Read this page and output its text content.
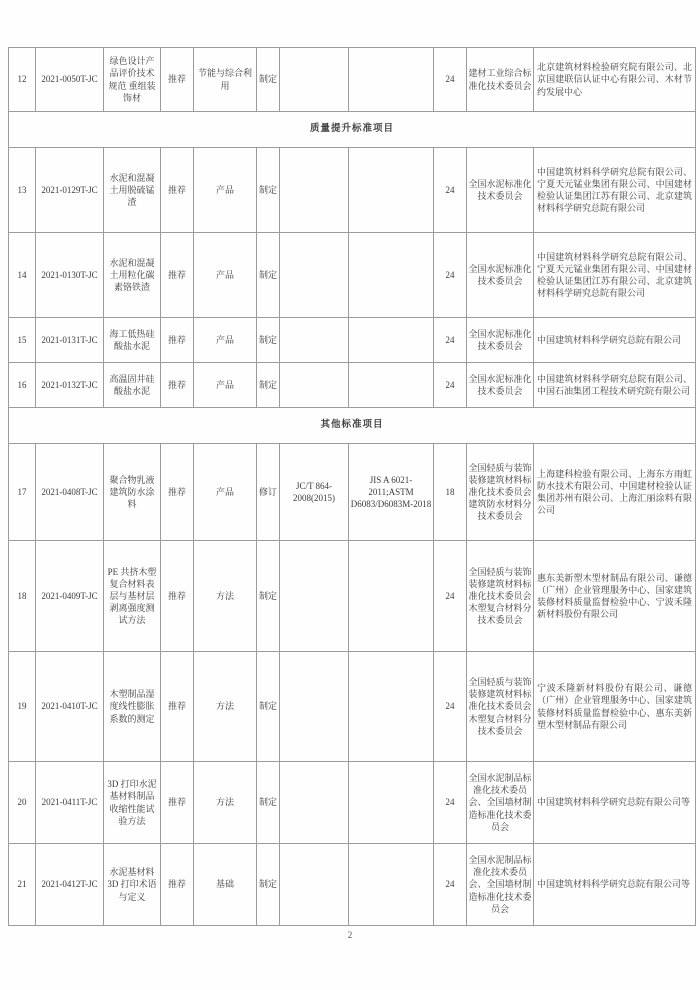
12	2021-0050T-JC	绿色设计产品评价技术规范 重组装饰材	推荐	节能与综合利用	制定			24	建材工业综合标准化技术委员会	北京建筑材料检验研究院有限公司、北京国建联信认证中心有限公司、木材节约发展中心
质量提升标准项目										
13	2021-0129T-JC	水泥和混凝土用脱硫锰渣	推荐	产品	制定			24	全国水泥标准化技术委员会	中国建筑材料科学研究总院有限公司、宁夏天元锰业集团有限公司、中国建材检验认证集团江苏有限公司、北京建筑材料科学研究总院有限公司
14	2021-0130T-JC	水泥和混凝土用粒化碳素铬铁渣	推荐	产品	制定			24	全国水泥标准化技术委员会	中国建筑材料科学研究总院有限公司、宁夏天元锰业集团有限公司、中国建材检验认证集团江苏有限公司、北京建筑材料科学研究总院有限公司
15	2021-0131T-JC	海工低热硅酸盐水泥	推荐	产品	制定			24	全国水泥标准化技术委员会	中国建筑材料科学研究总院有限公司
16	2021-0132T-JC	高温固井硅酸盐水泥	推荐	产品	制定			24	全国水泥标准化技术委员会	中国建筑材料科学研究总院有限公司、中国石油集团工程技术研究院有限公司
其他标准项目										
17	2021-0408T-JC	聚合物乳液建筑防水涂料	推荐	产品	修订	JC/T 864-2008(2015)	JIS A 6021-2011;ASTM D6083/D6083M-2018	18	全国轻质与装饰装修建筑材料标准化技术委员会建筑防水材料分技术委员会	上海建科检验有限公司、上海东方雨虹防水技术有限公司、中国建材检验认证集团苏州有限公司、上海汇丽涂料有限公司
18	2021-0409T-JC	PE 共挤木塑复合材料表层与基材层剥离强度测试方法	推荐	方法	制定			24	全国轻质与装饰装修建筑材料标准化技术委员会木塑复合材料分技术委员会	惠东美新塑木型材制品有限公司、谦德（广州）企业管理服务中心、国家建筑装修材料质量监督检验中心、宁波禾隆新材料股份有限公司
19	2021-0410T-JC	木塑制品湿度线性膨胀系数的测定	推荐	方法	制定			24	全国轻质与装饰装修建筑材料标准化技术委员会木塑复合材料分技术委员会	宁波禾隆新材料股份有限公司、谦德（广州）企业管理服务中心、国家建筑装修材料质量监督检验中心、惠东美新塑木型材制品有限公司
20	2021-0411T-JC	3D 打印水泥基材料制品收缩性能试验方法	推荐	方法	制定			24	全国水泥制品标准化技术委员会、全国墙材制造标准化技术委员会	中国建筑材料科学研究总院有限公司等
21	2021-0412T-JC	水泥基材料 3D 打印术语与定义	推荐	基础	制定			24	全国水泥制品标准化技术委员会、全国墙材制造标准化技术委员会	中国建筑材料科学研究总院有限公司等
2
